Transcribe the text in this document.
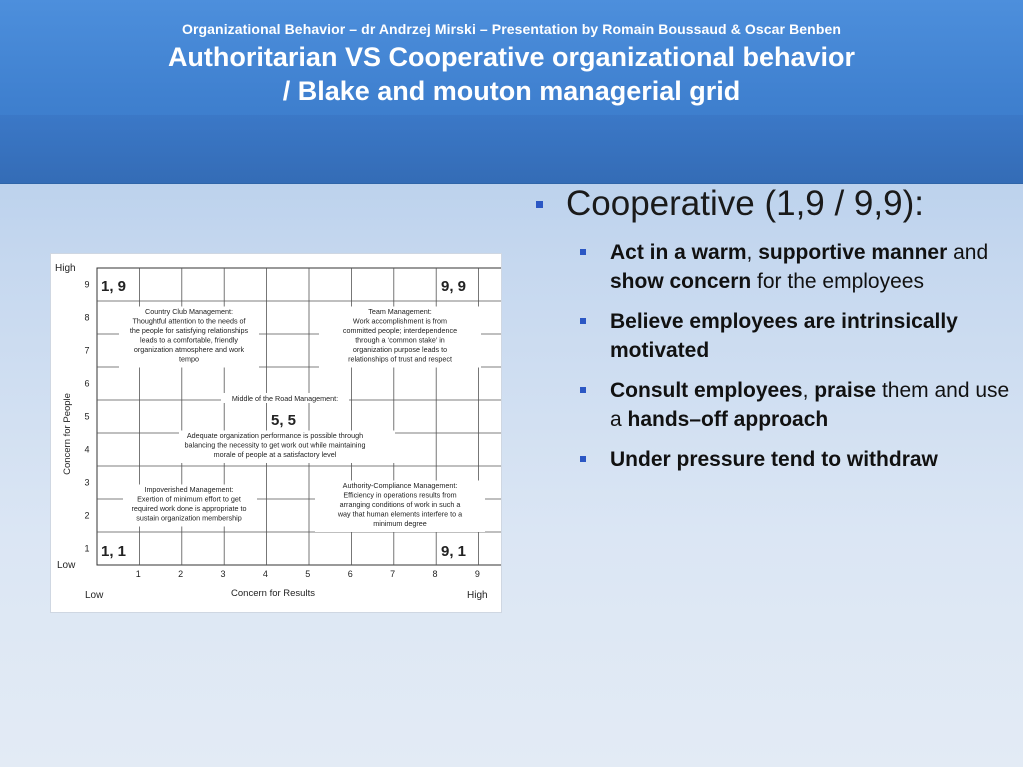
Organizational Behavior – dr Andrzej Mirski – Presentation by Romain Boussaud & Oscar Benben
Authoritarian VS Cooperative organizational behavior
/ Blake and mouton managerial grid
High
Low
Low	High
Concern for Results
Concern for People
9
8
7
6
5
4
3
2
1
1	2	3	4	5	6	7	8	9
1, 9	9, 9
5, 5
1, 1	9, 1
Country Club Management:
Thoughtful attention to the needs of
the people for satisfying relationships
leads to a comfortable, friendly
organization atmosphere and work
tempo
Team Management:
Work accomplishment is from
committed people; interdependence
through a ‘common stake’ in
organization purpose leads to
relationships of trust and respect
Impoverished Management:
Exertion of minimum effort to get
required work done is appropriate to
sustain organization membership
Authority-Compliance Management:
Efficiency in operations results from
arranging conditions of work in such a
way that human elements interfere to a
minimum degree
Adequate organization performance is possible through
balancing the necessity to get work out while maintaining
morale of people at a satisfactory level
Middle of the Road Management:
Cooperative (1,9 / 9,9):
Act in a warm, supportive manner and show concern for the employees
Believe employees are intrinsically motivated
Consult employees, praise them and use a hands–off approach
Under pressure tend to withdraw
